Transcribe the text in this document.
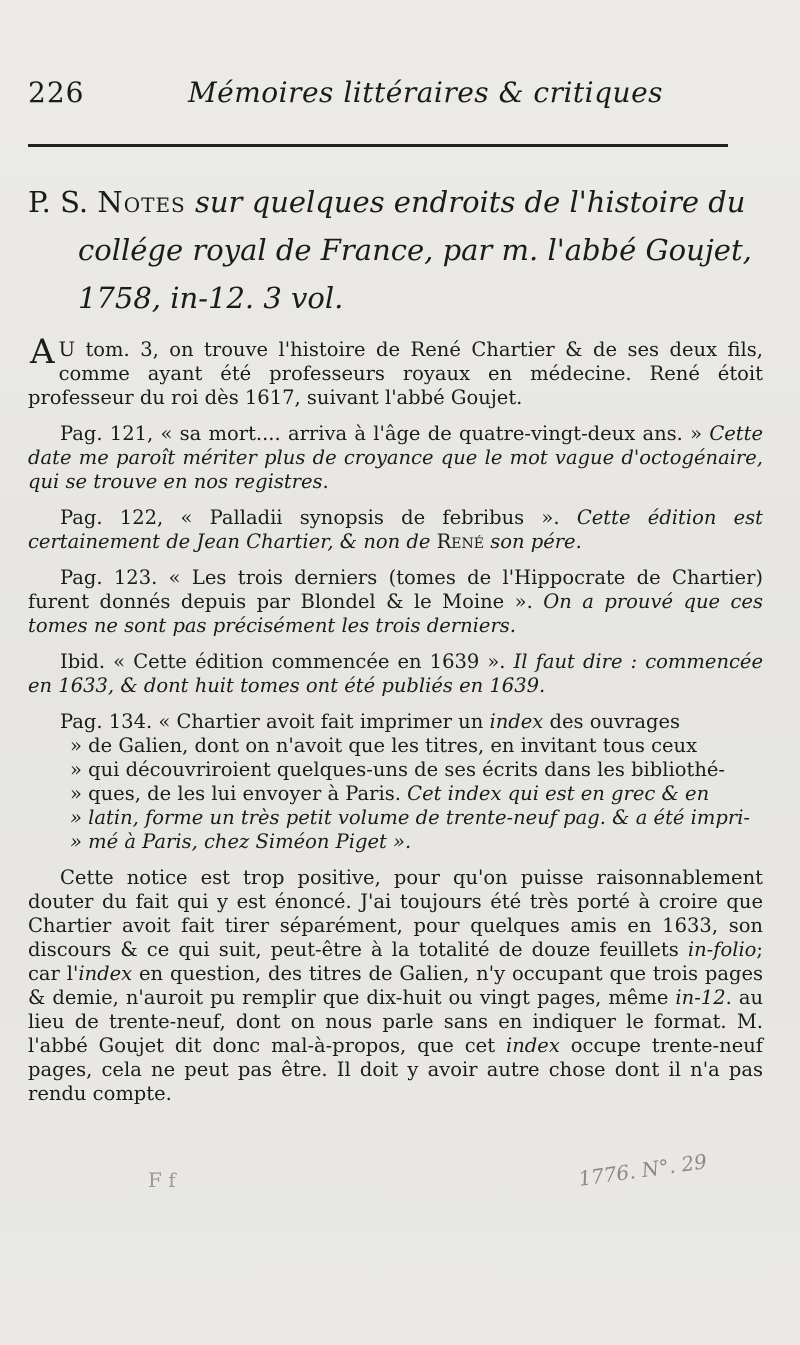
226	Mémoires littéraires & critiques
P. S. Notes sur quelques endroits de l'histoire du
collége royal de France, par m. l'abbé Goujet,
1758, in-12. 3 vol.

A U tom. 3, on trouve l'histoire de René Chartier & de ses deux fils, comme ayant été professeurs royaux en médecine. René étoit professeur du roi dès 1617, suivant l'abbé Goujet.

Pag. 121, « sa mort.... arriva à l'âge de quatre-vingt-deux ans. » Cette date me paroît mériter plus de croyance que le mot vague d'octogénaire, qui se trouve en nos registres.

Pag. 122, « Palladii synopsis de febribus ». Cette édition est certainement de Jean Chartier, & non de René son pére.

Pag. 123. « Les trois derniers (tomes de l'Hippocrate de Chartier) furent donnés depuis par Blondel & le Moine ». On a prouvé que ces tomes ne sont pas précisément les trois derniers.

Ibid. « Cette édition commencée en 1639 ». Il faut dire : commencée en 1633, & dont huit tomes ont été publiés en 1639.

Pag. 134. « Chartier avoit fait imprimer un index des ouvrages
» de Galien, dont on n'avoit que les titres, en invitant tous ceux
» qui découvriroient quelques-uns de ses écrits dans les bibliothé-
» ques, de les lui envoyer à Paris. Cet index qui est en grec & en
» latin, forme un très petit volume de trente-neuf pag. & a été impri-
» mé à Paris, chez Siméon Piget ».

Cette notice est trop positive, pour qu'on puisse raisonnablement douter du fait qui y est énoncé. J'ai toujours été très porté à croire que Chartier avoit fait tirer séparément, pour quelques amis en 1633, son discours & ce qui suit, peut-être à la totalité de douze feuillets in-folio; car l'index en question, des titres de Galien, n'y occupant que trois pages & demie, n'auroit pu remplir que dix-huit ou vingt pages, même in-12. au lieu de trente-neuf, dont on nous parle sans en indiquer le format. M. l'abbé Goujet dit donc mal-à-propos, que cet index occupe trente-neuf pages, cela ne peut pas être. Il doit y avoir autre chose dont il n'a pas rendu compte.

F f	1776. N°. 29
